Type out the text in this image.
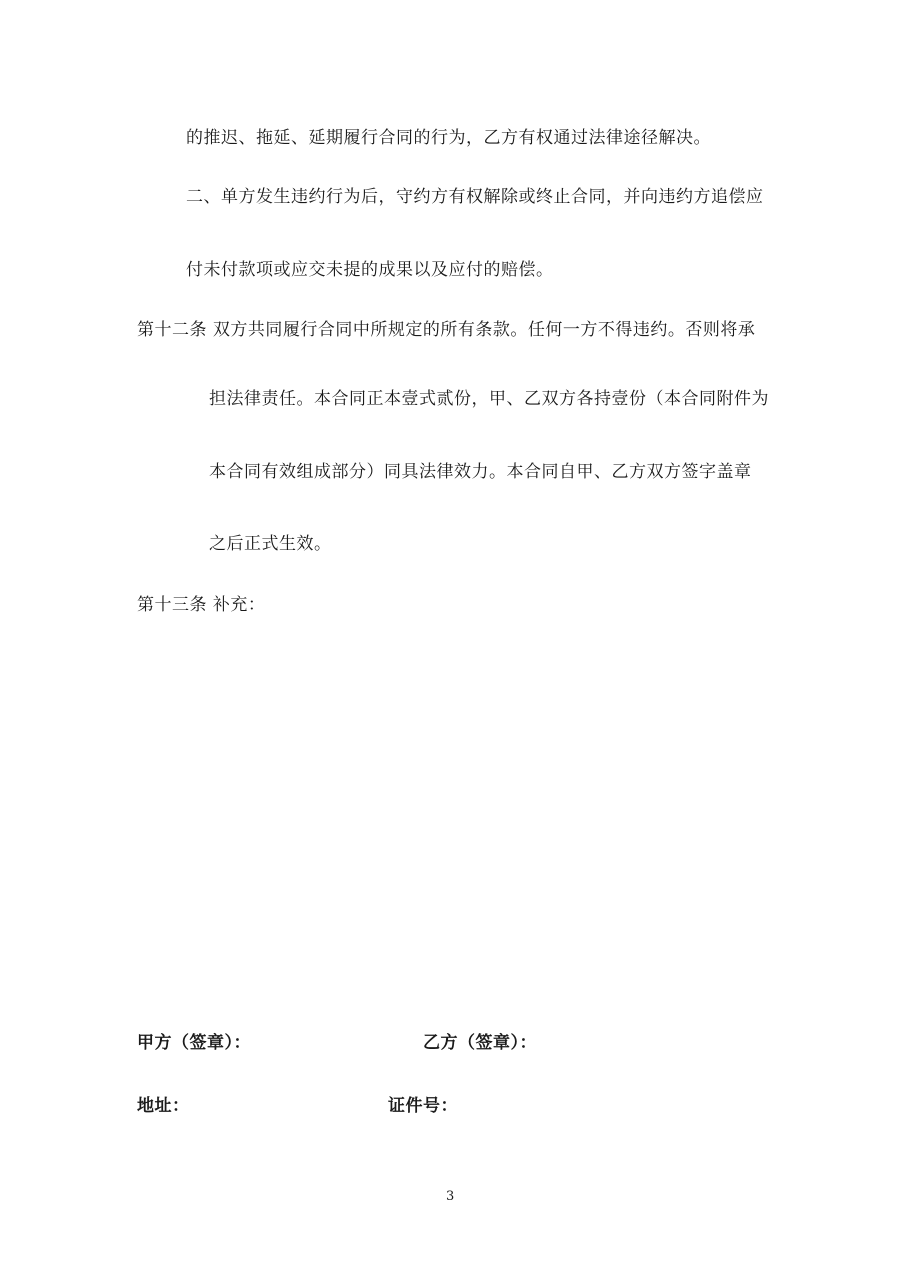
的推迟、拖延、延期履行合同的行为，乙方有权通过法律途径解决。
二、单方发生违约行为后，守约方有权解除或终止合同，并向违约方追偿应
付未付款项或应交未提的成果以及应付的赔偿。
第十二条 双方共同履行合同中所规定的所有条款。任何一方不得违约。否则将承
担法律责任。本合同正本壹式贰份，甲、乙双方各持壹份（本合同附件为
本合同有效组成部分）同具法律效力。本合同自甲、乙方双方签字盖章
之后正式生效。
第十三条 补充：
甲方（签章）：	乙方（签章）：
地址：	证件号：
3
